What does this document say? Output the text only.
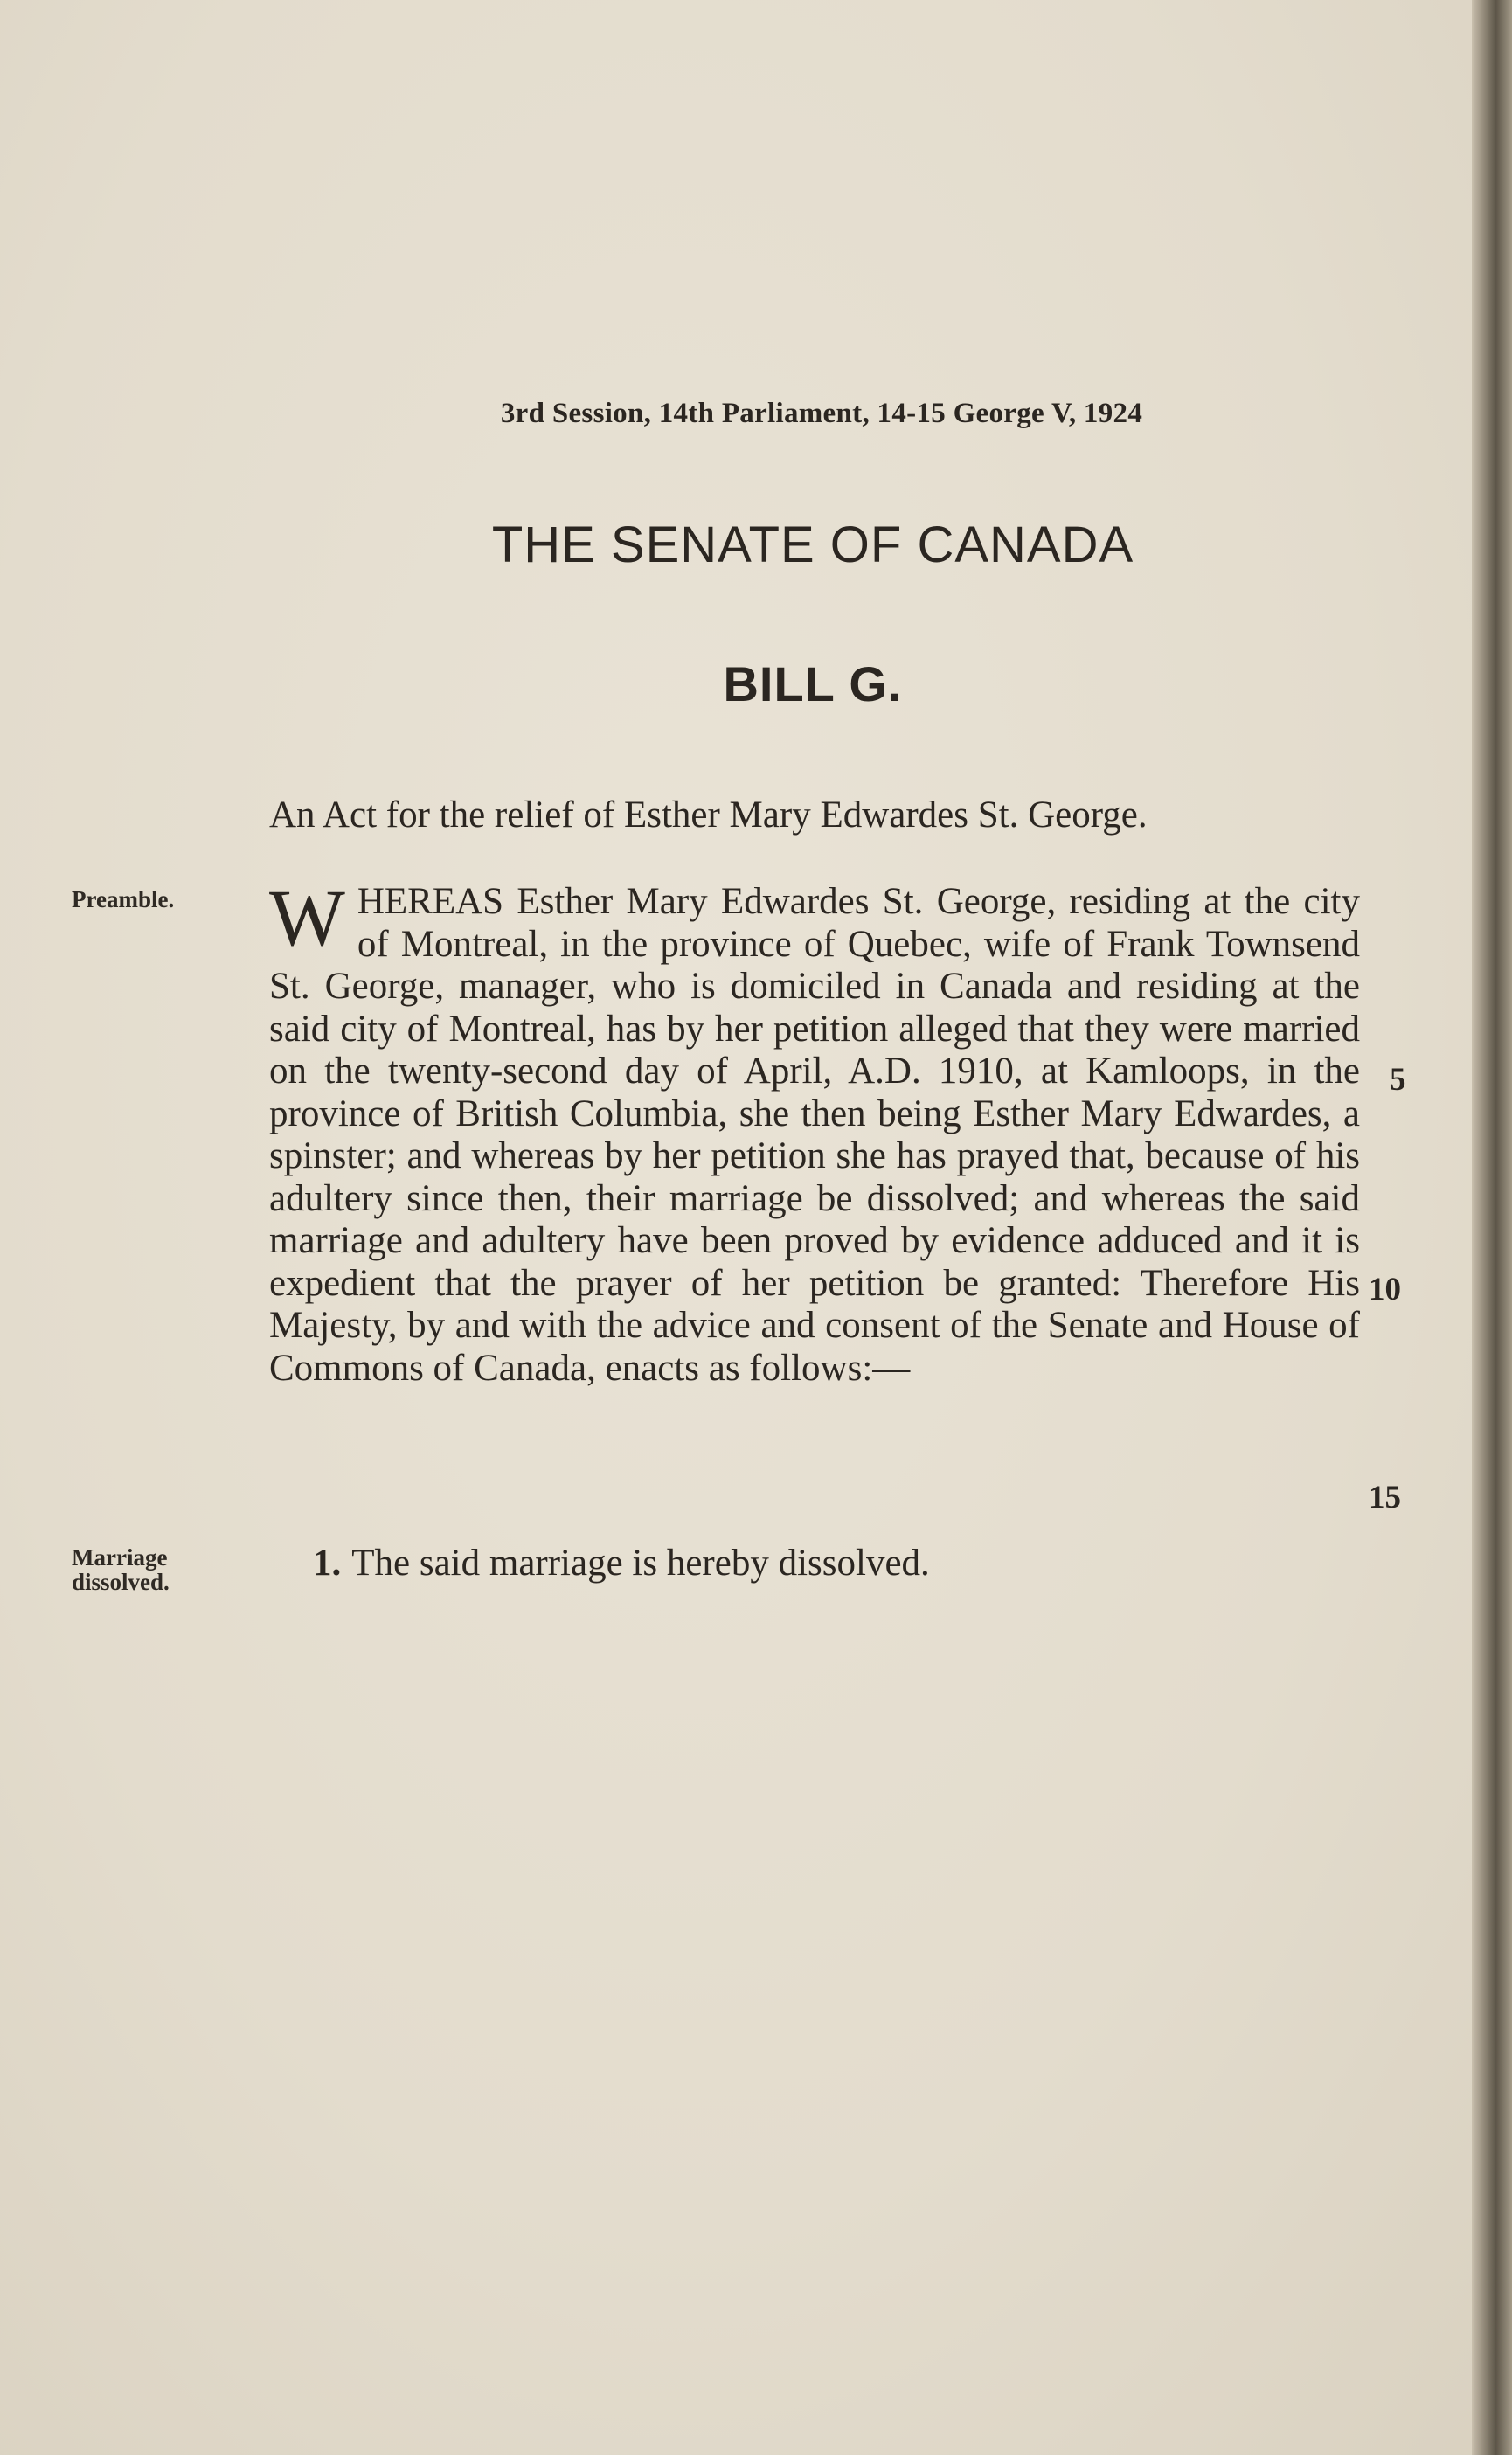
3rd Session, 14th Parliament, 14-15 George V, 1924
THE SENATE OF CANADA
BILL G.
An Act for the relief of Esther Mary Edwardes St. George.
Preamble.
Marriage dissolved.
WHEREAS Esther Mary Edwardes St. George, residing at the city of Montreal, in the province of Quebec, wife of Frank Townsend St. George, manager, who is domiciled in Canada and residing at the said city of Montreal, has by her petition alleged that they were married on the twenty-second day of April, A.D. 1910, at Kamloops, in the province of British Columbia, she then being Esther Mary Edwardes, a spinster; and whereas by her petition she has prayed that, because of his adultery since then, their marriage be dissolved; and whereas the said marriage and adultery have been proved by evidence adduced and it is expedient that the prayer of her petition be granted: Therefore His Majesty, by and with the advice and consent of the Senate and House of Commons of Canada, enacts as follows:—
5
10
15
1. The said marriage is hereby dissolved.
